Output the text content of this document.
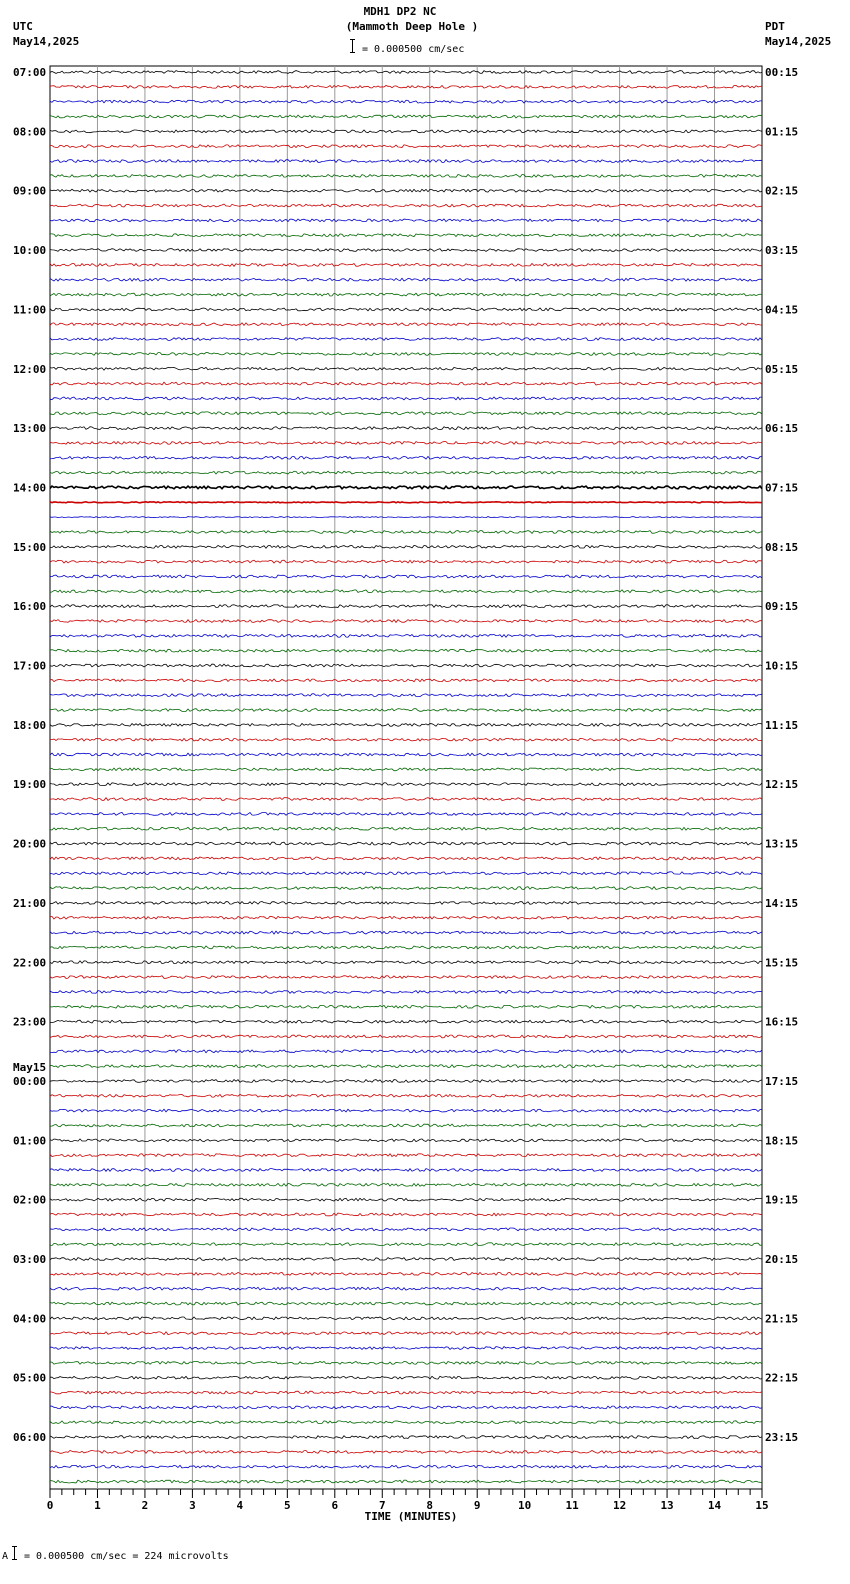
MDH1 DP2 NC
(Mammoth Deep Hole )
= 0.000500 cm/sec
UTC
May14,2025
PDT
May14,2025
07:00	00:15
08:00	01:15
09:00	02:15
10:00	03:15
11:00	04:15
12:00	05:15
13:00	06:15
14:00	07:15
15:00	08:15
16:00	09:15
17:00	10:15
18:00	11:15
19:00	12:15
20:00	13:15
21:00	14:15
22:00	15:15
23:00	16:15
00:00	17:15
01:00	18:15
02:00	19:15
03:00	20:15
04:00	21:15
05:00	22:15
06:00	23:15
May15
0	1	2	3	4	5	6	7	8	9	10	11	12	13	14	15
TIME (MINUTES)
A = 0.000500 cm/sec = 224 microvolts
